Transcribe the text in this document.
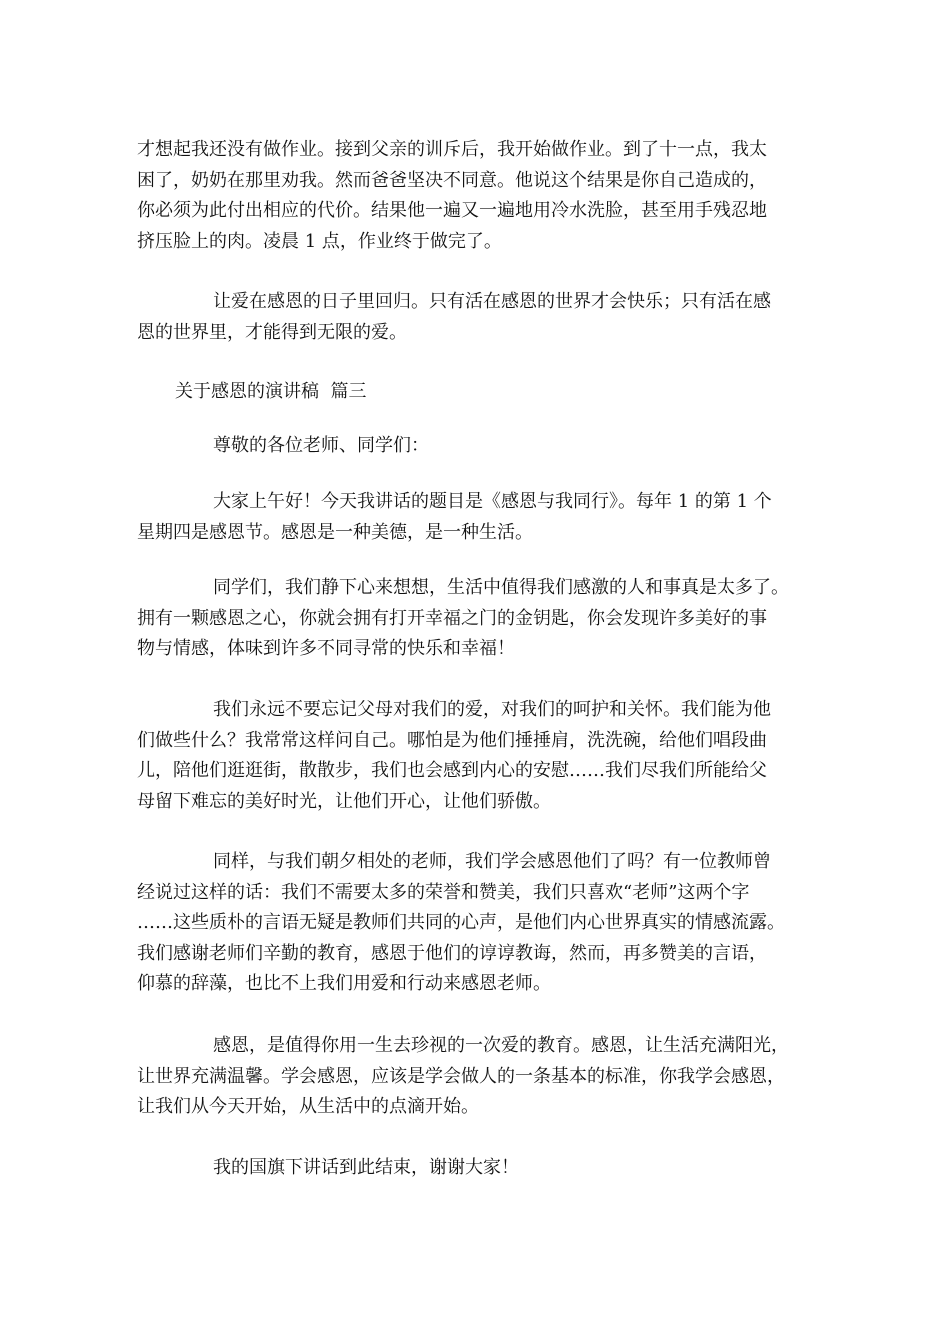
才想起我还没有做作业。接到父亲的训斥后，我开始做作业。到了十一点，我太
困了，奶奶在那里劝我。然而爸爸坚决不同意。他说这个结果是你自己造成的，
你必须为此付出相应的代价。结果他一遍又一遍地用冷水洗脸，甚至用手残忍地
挤压脸上的肉。凌晨 1 点，作业终于做完了。

让爱在感恩的日子里回归。只有活在感恩的世界才会快乐；只有活在感
恩的世界里，才能得到无限的爱。

关于感恩的演讲稿  篇三

尊敬的各位老师、同学们：

大家上午好！今天我讲话的题目是《感恩与我同行》。每年 1 的第 1 个
星期四是感恩节。感恩是一种美德，是一种生活。

同学们，我们静下心来想想，生活中值得我们感激的人和事真是太多了。
拥有一颗感恩之心，你就会拥有打开幸福之门的金钥匙，你会发现许多美好的事
物与情感，体味到许多不同寻常的快乐和幸福！

我们永远不要忘记父母对我们的爱，对我们的呵护和关怀。我们能为他
们做些什么？我常常这样问自己。哪怕是为他们捶捶肩，洗洗碗，给他们唱段曲
儿，陪他们逛逛街，散散步，我们也会感到内心的安慰……我们尽我们所能给父
母留下难忘的美好时光，让他们开心，让他们骄傲。

同样，与我们朝夕相处的老师，我们学会感恩他们了吗？有一位教师曾
经说过这样的话：我们不需要太多的荣誉和赞美，我们只喜欢“老师”这两个字
……这些质朴的言语无疑是教师们共同的心声，是他们内心世界真实的情感流露。
我们感谢老师们辛勤的教育，感恩于他们的谆谆教诲，然而，再多赞美的言语，
仰慕的辞藻，也比不上我们用爱和行动来感恩老师。

感恩，是值得你用一生去珍视的一次爱的教育。感恩，让生活充满阳光，
让世界充满温馨。学会感恩，应该是学会做人的一条基本的标准，你我学会感恩，
让我们从今天开始，从生活中的点滴开始。

我的国旗下讲话到此结束，谢谢大家！
